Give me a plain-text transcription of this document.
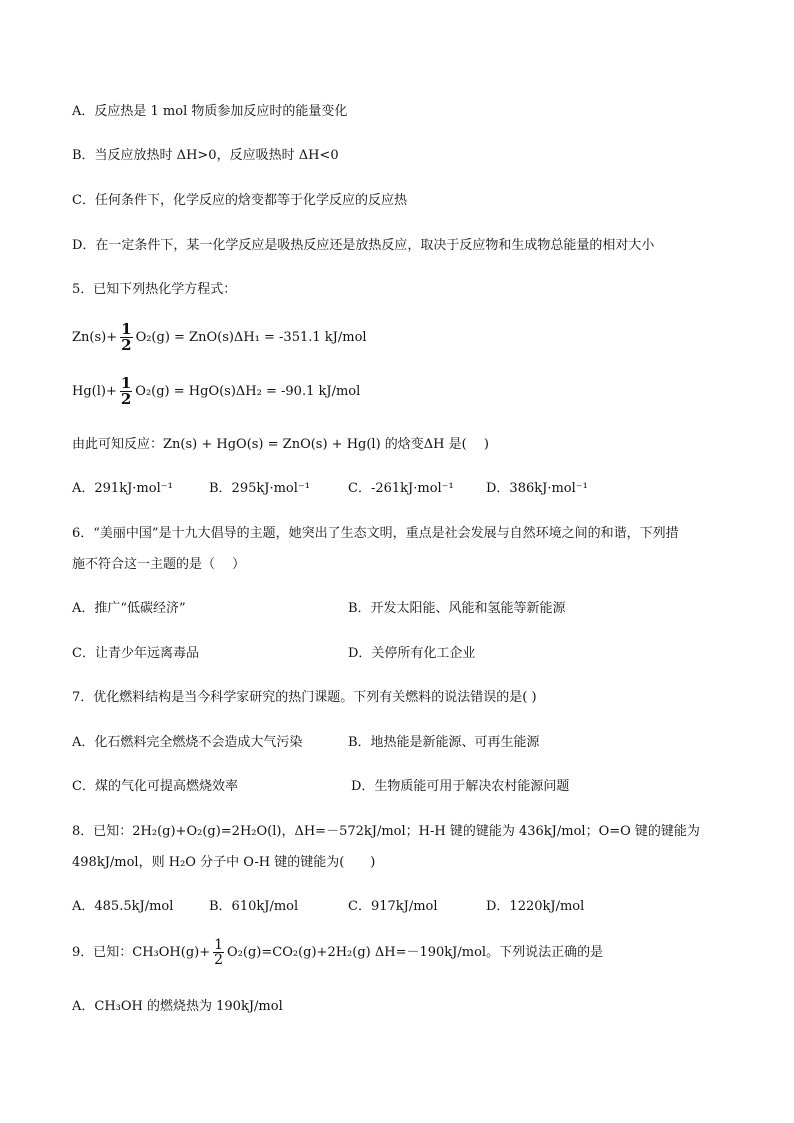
A．反应热是 1 mol 物质参加反应时的能量变化
B．当反应放热时 ΔH>0，反应吸热时 ΔH<0
C．任何条件下，化学反应的焓变都等于化学反应的反应热
D．在一定条件下，某一化学反应是吸热反应还是放热反应，取决于反应物和生成物总能量的相对大小
5．已知下列热化学方程式：
$Zn(s)+ \frac{1}{2} O_2(g) = ZnO(s)\Delta H_1 = -351.1$ kJ/mol
$Hg(l)+ \frac{1}{2} O_2(g) = HgO(s)\Delta H_2 = -90.1$ kJ/mol
由此可知反应：Zn(s) + HgO(s) = ZnO(s) + Hg(l) 的焓变ΔH 是(　 )
A．291kJ·mol⁻¹	B．295kJ·mol⁻¹	C．-261kJ·mol⁻¹ D．386kJ·mol⁻¹
6．“美丽中国”是十九大倡导的主题，她突出了生态文明，重点是社会发展与自然环境之间的和谐，下列措
施不符合这一主题的是（　 ）
A．推广“低碳经济”	B．开发太阳能、风能和氢能等新能源
C．让青少年远离毒品	D．关停所有化工企业
7．优化燃料结构是当今科学家研究的热门课题。下列有关燃料的说法错误的是( )
A．化石燃料完全燃烧不会造成大气污染	B．地热能是新能源、可再生能源
C．煤的气化可提高燃烧效率	D．生物质能可用于解决农村能源问题
8．已知：2H₂(g)+O₂(g)=2H₂O(l)，ΔH=－572kJ/mol；H-H 键的键能为 436kJ/mol；O=O 键的键能为
498kJ/mol，则 H₂O 分子中 O-H 键的键能为(　　)
A．485.5kJ/mol	B．610kJ/mol	C．917kJ/mol	D．1220kJ/mol
9．已知：$CH_3OH(g)+ \frac{1}{2} O_2(g)=CO_2(g)+2H_2(g)$ ΔH=－190kJ/mol。下列说法正确的是
A．CH₃OH 的燃烧热为 190kJ/mol
